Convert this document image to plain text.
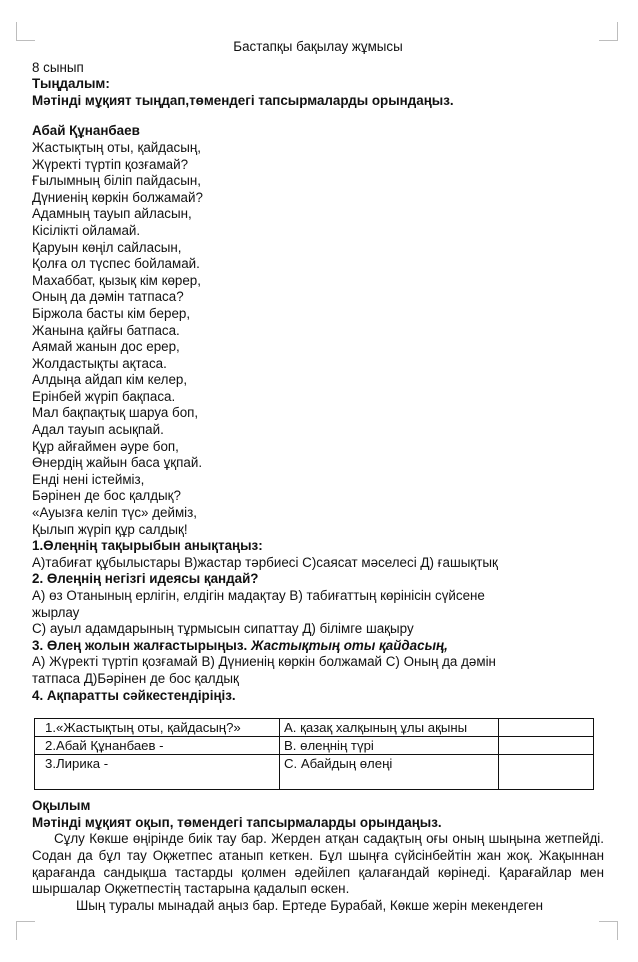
Бастапқы бақылау жұмысы
8 сынып
Тыңдалым:
Мәтінді мұқият тыңдап,төмендегі тапсырмаларды орындаңыз.
Абай Құнанбаев
Жастықтың оты, қайдасың,
Жүректі түртіп қозғамай?
Ғылымның біліп пайдасын,
Дүниенің көркін болжамай?
Адамның тауып айласын,
Кісілікті ойламай.
Қаруын көңіл сайласын,
Қолға ол түспес бойламай.
Махаббат, қызық кім көрер,
Оның да дәмін татпаса?
Біржола басты кім берер,
Жанына қайғы батпаса.
Аямай жанын дос ерер,
Жолдастықты ақтаса.
Алдыңа айдап кім келер,
Ерінбей жүріп бақпаса.
Мал бақпақтық шаруа боп,
Адал тауып асықпай.
Құр айғаймен әуре боп,
Өнердің жайын баса ұқпай.
Енді нені істейміз,
Бәрінен де бос қалдық?
«Ауызға келіп түс» дейміз,
Қылып жүріп құр салдық!
1.Өлеңнің тақырыбын анықтаңыз:
А)табиғат құбылыстары В)жастар тәрбиесі С)саясат мәселесі Д) ғашықтық
2. Өлеңнің негізгі идеясы қандай?
А) өз Отанының ерлігін, елдігін мадақтау В) табиғаттың көрінісін сүйсене
жырлау
С) ауыл адамдарының тұрмысын сипаттау Д) білімге шақыру
3. Өлең жолын жалғастырыңыз. Жастықтың оты қайдасың,
А) Жүректі түртіп қозғамай В) Дүниенің көркін болжамай С) Оның да дәмін
татпаса Д)Бәрінен де бос қалдық
4. Ақпаратты сәйкестендіріңіз.
1.«Жастықтың оты, қайдасың?»	А. қазақ халқының ұлы ақыны	
2.Абай Құнанбаев -	В. өлеңнің түрі	
3.Лирика -	С. Абайдың өлеңі	
Оқылым
Мәтінді мұқият оқып, төмендегі тапсырмаларды орындаңыз.
Сұлу Көкше өңірінде биік тау бар. Жерден атқан садақтың оғы оның шыңына жетпейді. Содан да бұл тау Оқжетпес атанып кеткен. Бұл шыңға сүйсінбейтін жан жоқ. Жақыннан қарағанда сандықша тастарды қолмен әдейілеп қалағандай көрінеді. Қарағайлар мен шыршалар Оқжетпестің тастарына қадалып өскен.
Шың туралы мынадай аңыз бар. Ертеде Бурабай, Көкше жерін мекендеген
